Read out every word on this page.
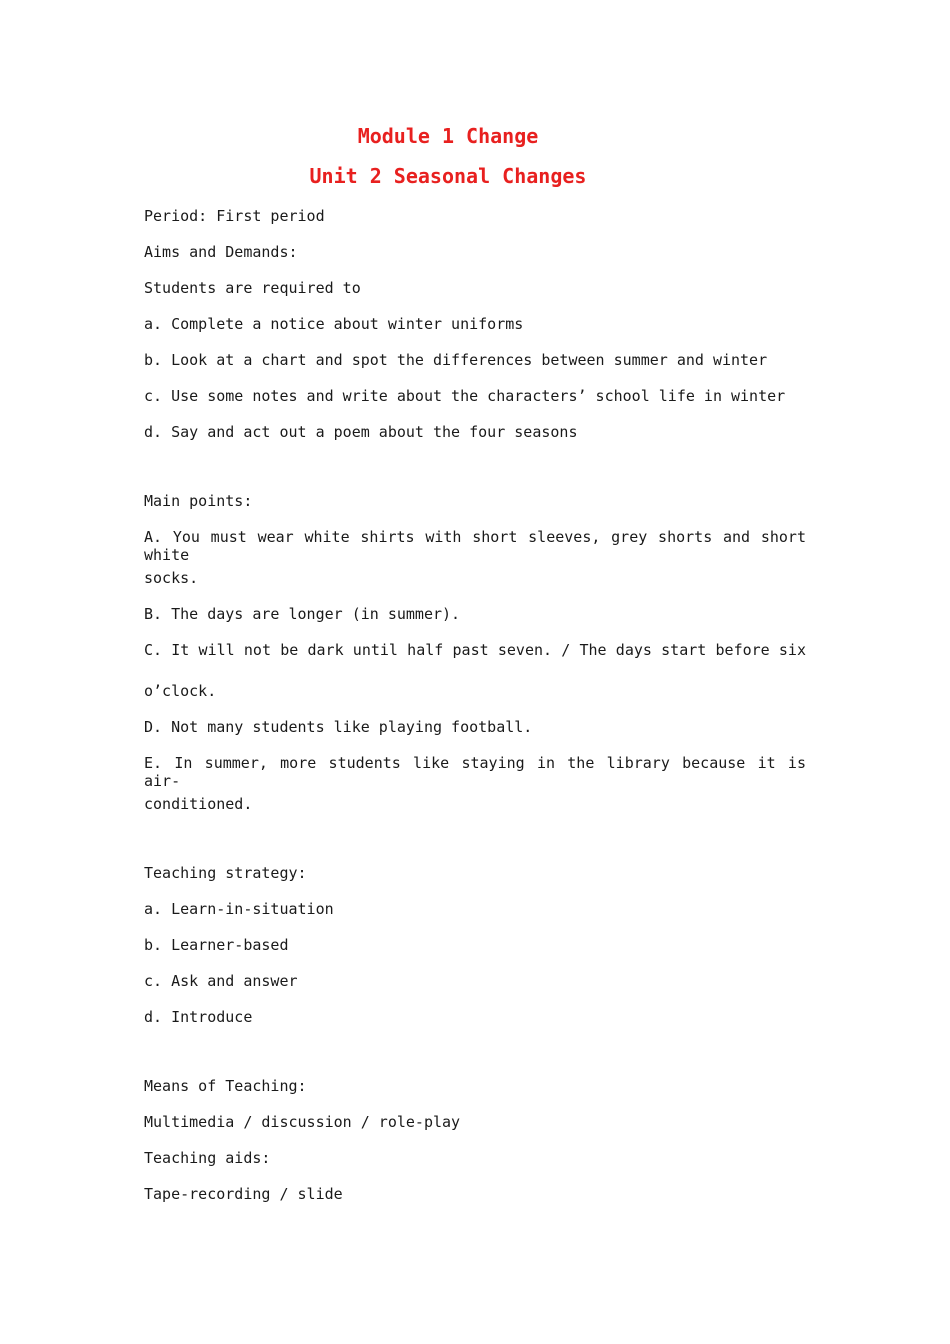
Module 1 Change
Unit 2 Seasonal Changes
Period: First period
Aims and Demands:
Students are required to
a. Complete a notice about winter uniforms
b. Look at a chart and spot the differences between summer and winter
c. Use some notes and write about the characters’ school life in winter
d. Say and act out a poem about the four seasons
Main points:
A. You must wear white shirts with short sleeves, grey shorts and short white
socks.
B. The days are longer (in summer).
C. It will not be dark until half past seven. / The days start before six
o’clock.
D. Not many students like playing football.
E. In summer, more students like staying in the library because it is air-
conditioned.
Teaching strategy:
a. Learn-in-situation
b. Learner-based
c. Ask and answer
d. Introduce
Means of Teaching:
Multimedia / discussion / role-play
Teaching aids:
Tape-recording / slide
